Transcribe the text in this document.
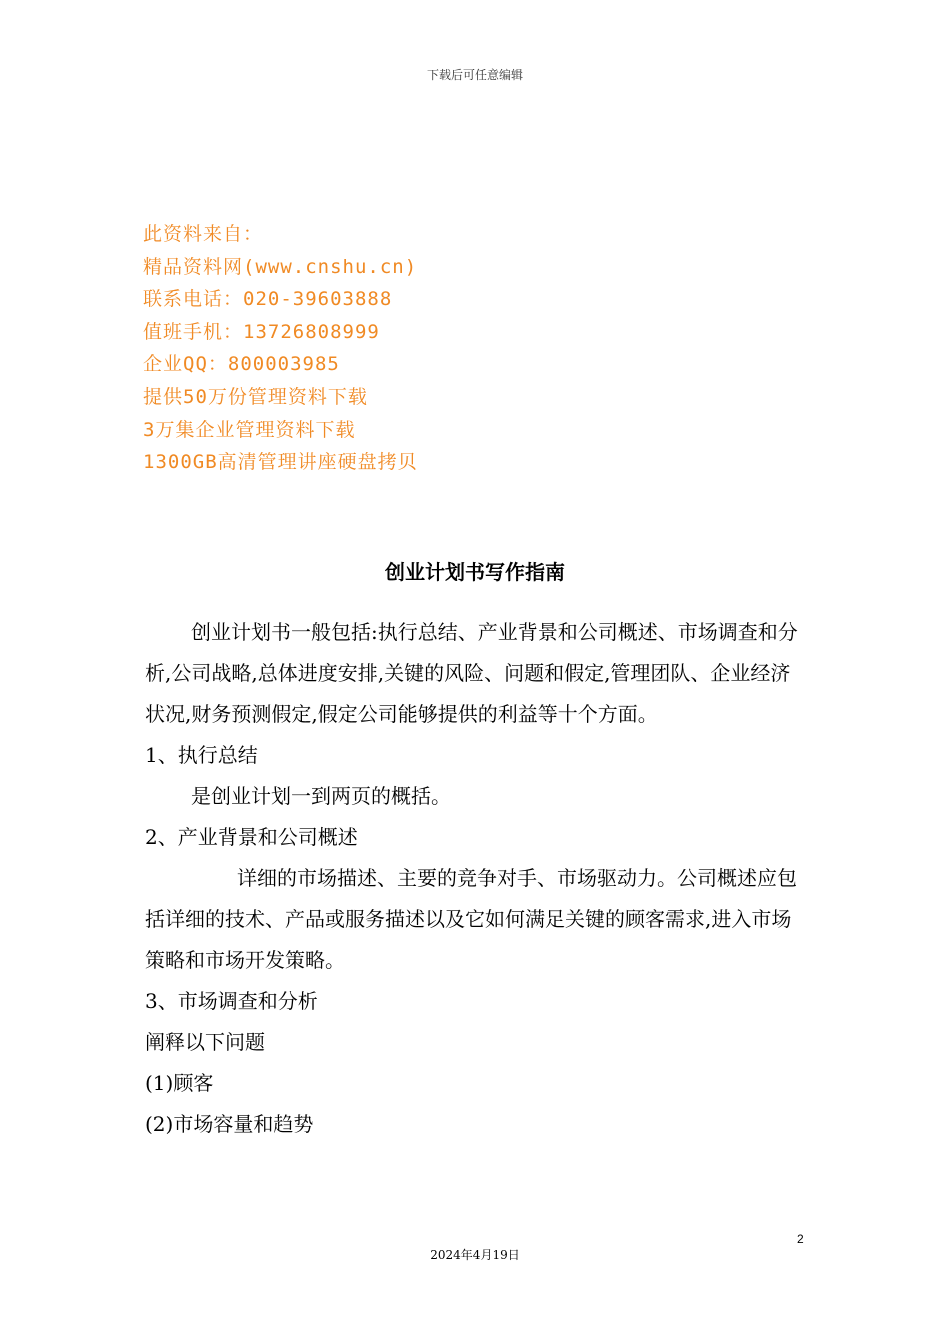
下载后可任意编辑
此资料来自：
精品资料网(www.cnshu.cn)
联系电话：020-39603888
值班手机：13726808999
企业QQ：800003985
提供50万份管理资料下载
3万集企业管理资料下载
1300GB高清管理讲座硬盘拷贝
创业计划书写作指南

创业计划书一般包括:执行总结、产业背景和公司概述、市场调查和分析,公司战略,总体进度安排,关键的风险、问题和假定,管理团队、企业经济状况,财务预测假定,假定公司能够提供的利益等十个方面。

1、执行总结

是创业计划一到两页的概括。

2、产业背景和公司概述

详细的市场描述、主要的竞争对手、市场驱动力。公司概述应包括详细的技术、产品或服务描述以及它如何满足关键的顾客需求,进入市场策略和市场开发策略。

3、市场调查和分析

阐释以下问题

(1)顾客

(2)市场容量和趋势

2
2024年4月19日
